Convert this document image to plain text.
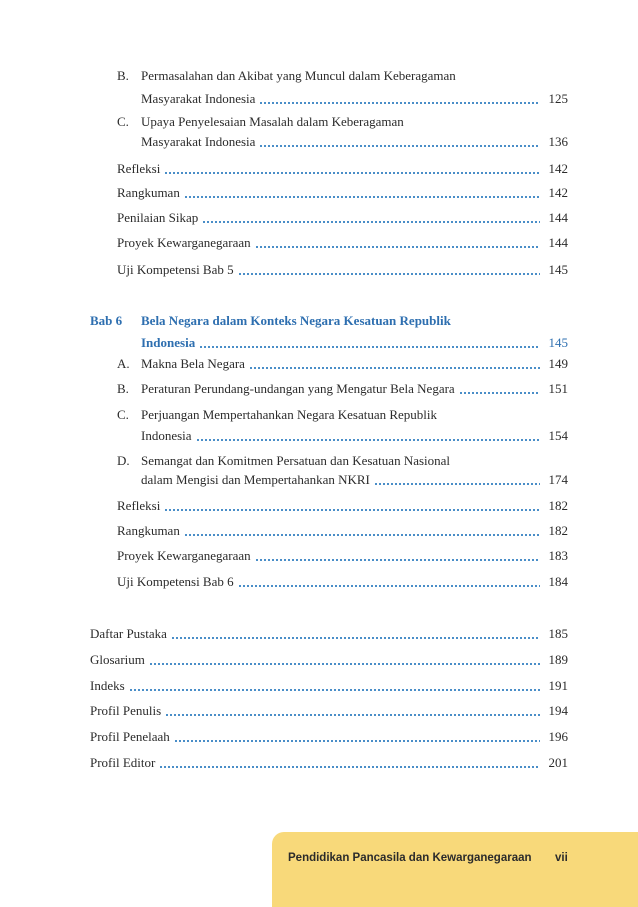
B. Permasalahan dan Akibat yang Muncul dalam Keberagaman
Masyarakat Indonesia	125
C. Upaya Penyelesaian Masalah dalam Keberagaman
Masyarakat Indonesia	136
Refleksi	142
Rangkuman	142
Penilaian Sikap	144
Proyek Kewarganegaraan	144
Uji Kompetensi Bab 5	145
Bab 6 Bela Negara dalam Konteks Negara Kesatuan Republik
Indonesia	145
A. Makna Bela Negara	149
B. Peraturan Perundang-undangan yang Mengatur Bela Negara	151
C. Perjuangan Mempertahankan Negara Kesatuan Republik
Indonesia	154
D. Semangat dan Komitmen Persatuan dan Kesatuan Nasional
dalam Mengisi dan Mempertahankan NKRI	174
Refleksi	182
Rangkuman	182
Proyek Kewarganegaraan	183
Uji Kompetensi Bab 6	184
Daftar Pustaka	185
Glosarium	189
Indeks	191
Profil Penulis	194
Profil Penelaah	196
Profil Editor	201
Pendidikan Pancasila dan Kewarganegaraan vii
